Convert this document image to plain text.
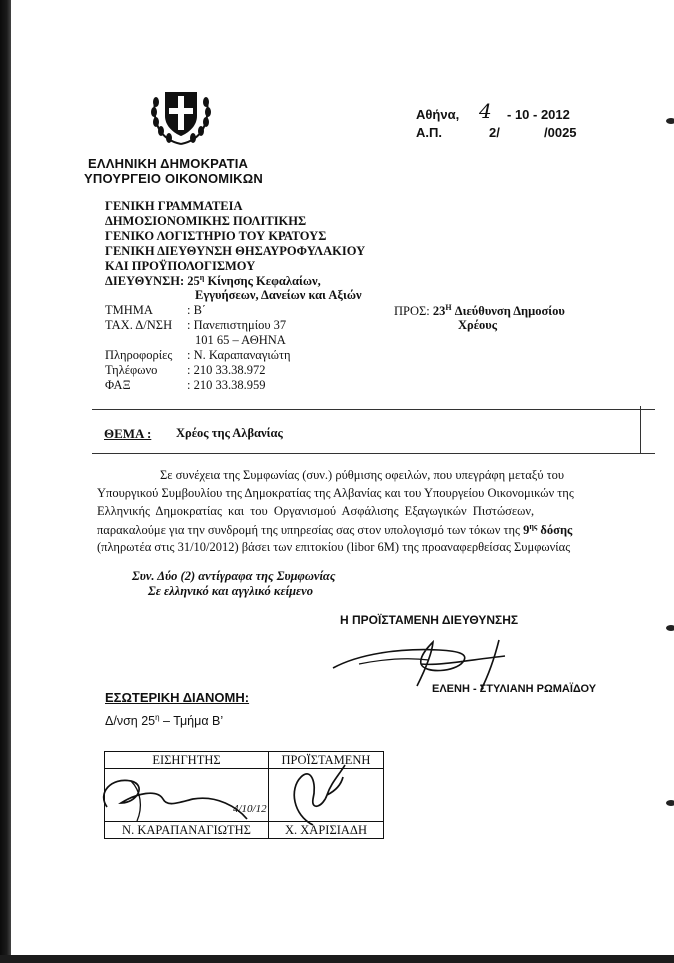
Αθήνα, 4 - 10 - 2012
Α.Π.	2/	/0025
ΕΛΛΗΝΙΚΗ ΔΗΜΟΚΡΑΤΙΑ
ΥΠΟΥΡΓΕΙΟ ΟΙΚΟΝΟΜΙΚΩΝ
ΓΕΝΙΚΗ ΓΡΑΜΜΑΤΕΙΑ
ΔΗΜΟΣΙΟΝΟΜΙΚΗΣ ΠΟΛΙΤΙΚΗΣ
ΓΕΝΙΚΟ ΛΟΓΙΣΤΗΡΙΟ ΤΟΥ ΚΡΑΤΟΥΣ
ΓΕΝΙΚΗ ΔΙΕΥΘΥΝΣΗ ΘΗΣΑΥΡΟΦΥΛΑΚΙΟΥ
ΚΑΙ ΠΡΟΫΠΟΛΟΓΙΣΜΟΥ
ΔΙΕΥΘΥΝΣΗ: $25^\eta$ Κίνησης Κεφαλαίων,
Εγγυήσεων, Δανείων και Αξιών
ΤΜΗΜΑ	: Β΄
ΤΑΧ. Δ/ΝΣΗ : Πανεπιστημίου 37
101 65 – ΑΘΗΝΑ
Πληροφορίες : Ν. Καραπαναγιώτη
Τηλέφωνο : 210 33.38.972
ΦΑΞ	: 210 33.38.959
ΠΡΟΣ: $23^H$ Διεύθυνση Δημοσίου
Χρέους
ΘΕΜΑ : Χρέος της Αλβανίας
Σε συνέχεια της Συμφωνίας (συν.) ρύθμισης οφειλών, που υπεγράφη μεταξύ του
Υπουργικού Συμβουλίου της Δημοκρατίας της Αλβανίας και του Υπουργείου Οικονομικών της
Ελληνικής Δημοκρατίας και του Οργανισμού Ασφάλισης Εξαγωγικών Πιστώσεων,
παρακαλούμε για την συνδρομή της υπηρεσίας σας στον υπολογισμό των τόκων της $9^{\eta\varsigma}$ δόσης
(πληρωτέα στις 31/10/2012) βάσει των επιτοκίου (libor 6M) της προαναφερθείσας Συμφωνίας
Συν. Δύο (2) αντίγραφα της Συμφωνίας
Σε ελληνικό και αγγλικό κείμενο
Η ΠΡΟΪΣΤΑΜΕΝΗ ΔΙΕΥΘΥΝΣΗΣ
ΕΛΕΝΗ - ΣΤΥΛΙΑΝΗ ΡΩΜΑΪΔΟΥ
ΕΣΩΤΕΡΙΚΗ ΔΙΑΝΟΜΗ:
Δ/νση $25^\eta$ – Τμήμα Β’
ΕΙΣΗΓΗΤΗΣ	ΠΡΟΪΣΤΑΜΕΝΗ

4/10/12

Ν. ΚΑΡΑΠΑΝΑΓΙΩΤΗΣ	Χ. ΧΑΡΙΣΙΑΔΗ
